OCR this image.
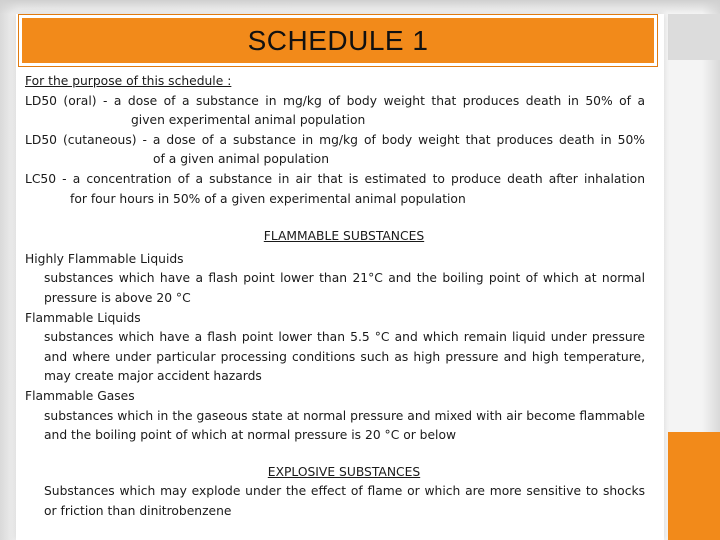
SCHEDULE 1

For the purpose of this schedule :

LD50 (oral) - a dose of a substance in mg/kg of body weight that produces death in 50% of a
given experimental animal population
LD50 (cutaneous) - a dose of a substance in mg/kg of body weight that produces death in 50%
of a given animal population
LC50 - a concentration of a substance in air that is estimated to produce death after inhalation
for four hours in 50% of a given experimental animal population

FLAMMABLE SUBSTANCES

Highly Flammable Liquids

substances which have a flash point lower than 21°C and the boiling point of which at normal pressure is above 20 °C

Flammable Liquids

substances which have a flash point lower than 5.5 °C and which remain liquid under pressure and where under particular processing conditions such as high pressure and high temperature, may create major accident hazards

Flammable Gases

substances which in the gaseous state at normal pressure and mixed with air become flammable and the boiling point of which at normal pressure is 20 °C or below

EXPLOSIVE SUBSTANCES

Substances which may explode under the effect of flame or which are more sensitive to shocks or friction than dinitrobenzene
